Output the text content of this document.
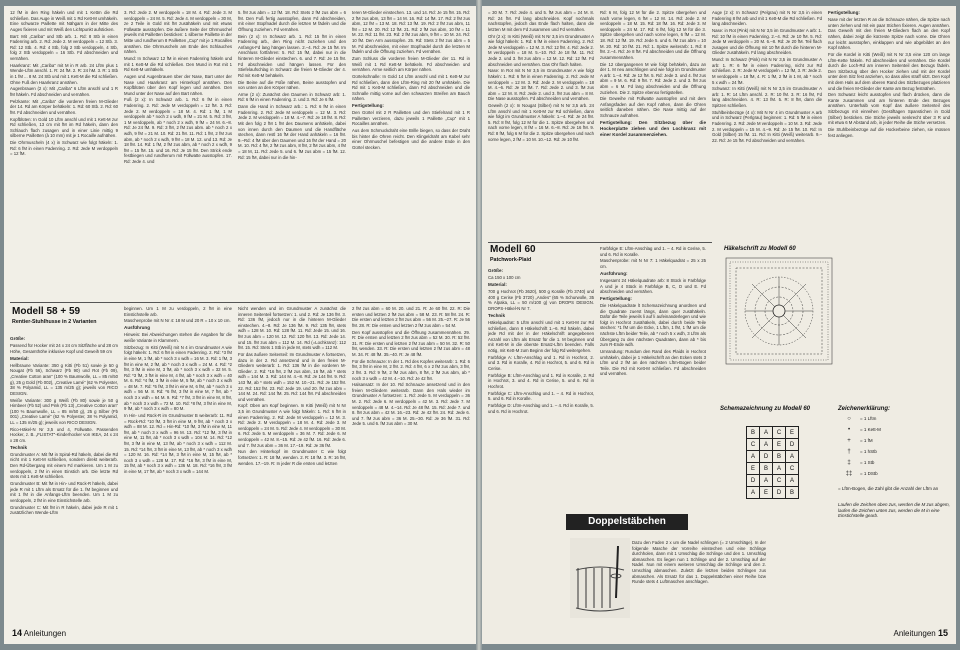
12 fM in den Ring häkeln und mit 1 Kettm die Rd schließen. Das Auge in Weiß mit 1 Rd Kett-M umhäkeln. Eine schwarze Paillette mit Nähgarn in der Mitte des Auges fixieren und mit Weiß den Lichtpunkt aufsticken.

Bart: Mit „Cariba“ und Stb arb. 1. Rd: 8 Stb in einen Fadenring arb. 2. Rd: Jede 2. M verdoppeln = 12 Stb. 3. Rd: 12 Stb. 4. Rd: 4 Stb, folg 2 Stb verdoppeln, 4 Stb, folg 2 Stb verdoppeln = 16 Stb. Fd abschneiden und vernähen.

Haarkranz: Mit „Cariba“ mit M in R arb. 24 Lftm plus 1 Wende-Lftm anschl. 1. R: 24 fM. 2. R: 24 hM. 3. R: 1 Stb in 1 fM ... 8 M. 24 Stb und mit 1 Kett-M die Rd schließen. Ohne Fuß den Haarkranz annähen.

Augenbrauen (2 x): Mit „Cariba“ 6 Lftm anschl und 1 R fM häkeln. Fd abschneiden und vernähen.

Pelzkante: Mit „Cariba“ die vorderen freien M-Glieder der 14. Rd am Körper behäkeln: 1. Rd: 60 Stb. 2. Rd: 60 fM. Fd abschneiden und vernähen.

Kopfblüten: In Gold 10 Lftm anschl und mit 1 Kett-M zur Rd schließen, 13 cm mit fM im Rd häkeln, dann den Schlauch flach zusagen und in einer Linie mittig 9 silberne Pailletten (à 10 mm) mit je 1 Rocaille aufnähen.

Die Ohrmuscheln (4 x) in Schwarz wie folgt häkeln: 1. Rd: 6 fM in einen Fadenring. 2. Rd: Jede M verdoppeln = 12 fM.

3. Rd: Jede 2. M verdoppeln = 18 M. 4. Rd: Jede 3. M verdoppeln = 24 M. 5. Rd: Jede 4. M verdoppeln = 30 M, ze 2 Teile in Gold mit fM zusähäkeln und mit etwas Füllwatte ausstopfen. Die äußere Seite der Ohrmuschel jeweils mit Pailletten besticken: 1 silberne Paillette in der Mitte und rundherum 8 Pailletten „Cup“ mit je 1 Rocailles annähen. Die Ohrmuscheln am Ende des Schlauches nähen.

Mund: In Schwarz 12 fM in einen Fadenring häkeln und mit 1 Kett-M die Rd schließen. Den Mund in Rot mit 1 Rd Kett-M umhäkeln.

Augen und Augenbrauen über der Nase, Bart unter der Nase und Haarkranz am Hinterkopf annähen. Den Kopfblüten über den Kopf legen und annähen. Den Mund unter der Nase auf den Bart nähen.

Fuß (2 x): In Schwarz arb. 1. Rd: 6 fM in einen Fadenring. 2. Rd: Jede M verdoppeln = 12 fM. 3. Rd: Jede 2. M verdoppeln = 18 M. 4. Rd: 1 fM, 1 M verdoppeln ab * noch 2 x wdh, 9 fM = 21 M. 5. Rd: 3 fM, 1 M verdoppeln, ab * noch 2 x wdh, 9 fM = 24 M. 6.–8. Rd: Je 24 fM. 9. Rd: 3 fM, 2 fM zus abm. ab * noch 2 x wdh, 9 fM = 21 M. 10. Rd: 21 fM. 11. Rd: 1 fM, 2 fM zus abm, ab * noch 2 x wdh, 9 fM = 18 M. 12. und 13. Rd: Je 18 fM. 14. Rd: 1 fM, 2 fM zus abm, ab * noch 2 x wdh, 9 fM = 15 fM. 15. und 16. Rd: Je 15 fM. Den Strick ende festbiegen und rundherum mit Füllwatte ausstopfen. 17. Rd: Jede 4. und

5. fM zus abm = 12 fM. 18. Rd: Stets 2 fM zus abm = 6 fM. Den Fuß fertig ausstopfen, dann Fd abschneiden, mit einer Stopfnadel durch die letzten M fädeln und die Öffnung zuziehen. Fd vernähen.

Bein (2 x): In Schwarz arb. 1. Rd: 15 fM in einen Fadenring arb., den Ring nicht zuziehen und den Anfangs-Fd lang hängen lassen. 2.–4. Rd: Je 15 fM. Im Anschluss fortfahren: 5. Rd: 15 fM, dabei nur in die hinteren M-Glieder einstechen. 6. und 7. Rd: Je 15 fM. Fd abschneiden und hängen lassen. Für den Stiefelaufschlag in Schwarz die freien M-Glieder der 4. Rd mit Kett-M behäkeln.

Die Beine auf die Füße nähen, Beine ausstopfen und von unten an den Körper nähen.

Arme (2 x): Zunächst den Daumen in Schwarz arb: 1. Rd: 6 fM in einen Fadenring. 2. und 3. Rd: Je 6 fM.

Dann die Hand in Schwarz arb.: 1. Rd: 6 fM in einen Fadenring. 2. Rd: Jede M verdoppeln = 12 M. 3. Rd: Jede 2. M verdoppeln = 18 M. 4.–7. Rd: Je 18 fM. 8. Rd: Mit den folg 2 fM 1 fM des Daumens anhäkeln, dabei von innen durch den Daumen und die Handfläche stechen, dann restl 16 fM der Hand anhäkeln = 16 fM. 9.–Rd: 4 fM über den Daumen und 16 fM der Hand = 20 M. 10. Rd: 4 fM, 2 fM zus abm, 8 fM, 2 fM zus abm, 4 fM = 18 M, 11. Rd: Jede 5. und 6. fM zus abm = 15 fM. 12. Rd: 15 fM, dabei nur in die hin-

teren M-Glieder einstechen. 13. und 14. Rd: Je 15 fM. 15. Rd: 2 fM zus abm, 13 fM = 14 M. 16. Rd: 14 fM. 17. Rd: 2 fM zus abm, 12 fM = 13 M. 18. Rd: 13 fM. 19. Rd: 2 fM zus abm, 11 fM = 12 M. 20. Rd: 12 fM. 21. Rd: 2 fM zus abm, 10 fM = 11 M. 22. Rd: 11 fM. 23. Rd: 2 fM zus abm, 9 fM = 10 M. 24. Rd: 10 fM. Den Arm ausstopfen. 25. Rd: Stets 2 fM zus abm = 5 M. Fd abschneiden, mit einer Stopfnadel durch die letzten M fädeln und die Öffnung zuziehen. Fd vernähen.

Zum Schluss die vorderen freien M-Glieder der 11. Rd in Weiß mit 1 Rd Kett-M behäkeln. Fd abschneiden und vernähen. Arme seitlich am Körper nähen.

Gürtelschnalle: In Gold 14 Lftm anschl und mit 1 Kett-M zur Rd schließen, dann den Lftm-Ring mit 20 fM umhäkeln. Die Rd mit 1 Kett-M schließen, dann Fd abschneiden und die Schnalle mittig vorne auf den schwarzen Streifen am Bauch nähen.

Fertigstellung:

Den Gürtel mit 2 R Pailletten und den Stiefelrand mit 1 R Pailletten verzieren, dazu jeweils 1 Paillette „Cup“ mit 1 Rocailles annähen.

Aus dem Schmuckdraht eine Brille biegen, so dass der Draht bis hinter die Ohren reicht. Den Klingeldraht am Kabel sehr einer Ohrmuschel befestigen und die andere Ende in den Gürtel stecken.

Modell 58 + 59
Rentier-Stuhlhusse in 2 Varianten

Größe:

Passend für Hocker mit 24 x 24 cm Sitzfläche und 28 cm Höhe, Gesamthöhe inklusive Kopf und Geweih 59 cm

Material:

Hellbraune Variante: 350 g Kitti (Fb 51) sowie je 50 g Nougat (Fb 56), Schwarz (Fb 90) und Rot (Fb 09), „Creative Cotton aran“ (100 % Baumwolle, LL = 85 m/50 g), 25 g Gold (Fb 002), „Creative Lamé“ (62 % Polyester, 38 % Polyamid, LL = 135 m/25 g); jeweils von RICO DESIGN.

Weiße Variante: 300 g Weiß (Fb 80) sowie je 50 g Himbeer (Fb 52) und Pink (Fb 13) „Creative Cotton aran“ (100 % Baumwolle, LL = 85 m/50 g), 25 g Silber (Fb 001) „Creative Lamé“ (62 % Polyester, 38 % Polyamid, LL = 135 m/25 g); jeweils von RICO DESIGN.

Rico-Häkel-N Nr 3,5 und 4, Füllwatte. Passenden Hocker, z. B. „FLISTAT“-Kinderhocker von IKEA, 24 x 24 x 28 cm.

Technik

Grundmuster A: Mit fM in Spiral-Rd häkeln, dabei die Rd nicht mit 1 Kett-M schließen, sondern direkt weiterarb. Den Rd-Übergang mit einem Fd markieren. Um 1 M zu verdoppeln, 2 fM in einen Einstich arb. Die letzte Rd stets mit 1 Kett-M schließen.

Grundmuster B: Mit fM in Hin- und Rück-R häkeln, dabei jede R mit 1 Lftm als Ersatz für die 1. fM beginnen und mit 1 fM in die Anfangs-Lftm beenden. Um 1 M zu verdoppeln, 2 fM in eine Einstichstelle arb.

Grundmuster C: Mit fM in R häkeln, dabei jede R mit 1 zusätzlichen Wende-Lftm

beginnen. Um 1 M zu verdoppeln, 2 fM in eine Einstichstelle arb.

Maschenprobe mit N Nr 4: 18 M und 20 R = 10 x 10 cm.

Ausführung

Hinweis: Bei Abweichungen stehen die Angaben für die weiße Variante in Klammern.

Sitzbezug: In Kitti (Weiß) mit N 4 im Grundmuster A wie folgt häkeln: 1. Rd: 6 fM in einen Fadenring. 2. Rd: *3 fM in eine M, 1 fM, ab * noch 3 x wdh = 16 M. 3. Rd: 1 fM, 3 fM in eine M, 2 fM, ab * noch 3 x wdh = 24 M. 4. Rd: *2 fM, 3 fM in eine M, 3 fM, ab * noch 3 x wdh = 32 M. 5. Rd: *3 fM, 3 fM in eine M, 4 fM, ab * noch 3 x wdh = 40 M. 6. Rd: *4 fM, 3 fM in eine M, 5 fM, ab * noch 3 x wdh = 48 M. 7. Rd: *5 fM, 3 fM in eine M, 6 fM, ab * noch 3 x wdh = 56 M. 8. Rd: *6 fM, 3 fM in eine M, 7 fM, ab * noch 3 x wdh = 64 M. 9. Rd: *7 fM, 3 fM in eine M, 8 fM, ab * noch 3 x wdh = 72 M. 10. Rd: *8 fM, 3 fM in eine M, 9 fM, ab * noch 3 x wdh = 80 M.

In Hin- und Rück-R im Grundmuster B weiterarb: 11. Rd = Rück-Rd: *10 fM, 3 fM in eine M, 9 fM, ab * noch 3 x wdh = 88 M. 12. Rd = Hin-Rd: *10 fM, 3 fM in eine M, 11 fM, ab * noch 3 x wdh = 96 M. 13. Rd: *12 fM, 3 fM in eine M, 11 fM, ab * noch 3 x wdh = 104 M. 14. Rd: *12 fM, 3 fM in eine M, 13 fM, ab * noch 3 x wdh = 112 M. 15. Rd: *14 fM, 3 fM in eine M, 13 fM, ab * noch 3 x wdh = 120 M. 16. Rd: *14 fM, 3 fM in eine M, 15 fM, ab * noch 3 x wdh = 128 M. 17. Rd: *16 fM, 3 fM in eine M, 15 fM, ab * noch 3 x wdh = 136 M. 18. Rd: *16 fM, 3 fM in eine M, 17 fM, ab * noch 3 x wdh = 144 M.

Nicht wenden und im Grundmuster A zunächst die inneren Seitenteil fortsetzen: 1. und 2. Rd: Je 136 fM. 3. Rd: 136 fM, jedoch nur in die hinteren M-Glieder einstechen. 4.–8. Rd: Je 136 fM. 9. Rd: 135 fM, stets wdh = 128 M. 10. Rd: 128 fM. 11. Rd: Jede 15. und 16. fM zus abm = 120 M. 12. Rd: 120 fM. 13. Rd: Jede 14. und 15. fM zus abm = 112 M. 14. Rd (=Lochkranz): 112 fM. 15. Rd: Stets 1 Stb in jede M, stets wdh = 112 M.

Für das äußere Seitenteil: Im Grundmuster A fortsetzen, dazu in der 2. Rd ansetzend und in den freien M-Gliedern weiterarb: 1. Rd: 136 fM in die vorderen M-Glieder. 2. Rd: *16 fM, 2 fM zus abm, 16 fM, ab * stets wdh = 144 M. 3. Rd: 144 M. 4.–8. Rd: Je 144 fM. 9. Rd: 143 fM, ab * stets wdh = 152 M. 10.–21. Rd: Je 152 fM. 22. Rd: 152 fM. 23. Rd: Jede 19. und 20. fM zus abm = 144 M. 24. Rd: 144 fM. 25. Rd: 144 fM. Fd abschneiden und vernähen.

Kopf: Oben am Kopf beginnen. In Kitti (Weiß) mit N Nr 3,5 im Grundmuster A wie folgt häkeln: 1. Rd: 6 fM in einen Fadenring. 2. Rd: Jede M verdoppeln = 12 M. 3. Rd: Jede 2. M verdoppeln = 18 M. 4. Rd: Jede 3. M verdoppeln = 24 M. 5. Rd: Jede 4. M verdoppeln = 30 M. 6. Rd: Jede 5. M verdoppeln = 36 M. 7. Rd: Jede 6. M verdoppeln = 42 M. 8.–15. Rd: Je 42 fM. 16. Rd: Jede 6. und 7. fM zus abm = 36 M. 17.–19. Rd: Je 36 fM.

Nun den Hinterkopf im Grundmuster C wie folgt fortsetzen: 1. R: 18 fM, wenden. 2. R: 18 fM. 3. R: 16 fM, wenden. 17.–19. R: In jeder R die ersten und letzten

2 fM zus abm = 60 M. 20. und 21. R: Je 60 fM. 22. R: Die ersten und letzten 2 fM zus abm = 58 M. 23. R: 58 fM. 24. R: Die ersten und letzten 2 fM zus abm = 56 M. 25.–27. R: Je 56 fM. 28. R: Die ersten und letzten 2 fM zus abm = 54 M.

Den Kopf ausstopfen und die Öffnung zusammennähen. 29. R: Die ersten und letzten 2 fM zus abm = 52 M. 30. R: 52 fM. 31. R: Die ersten und letzten 2 fM zus abm = 50 M. 32. R: 50 fM, wenden. 33. R: Die ersten und letzten 2 fM zus abm = 48 M. 34. R: 48 fM. 35.–40. R: Je 48 fM.

Für die Schnauze: In der 1. Rd des Kopfes weiterarb: 1. Rd: 6 fM, 3 fM in eine M, 2 fM. 2. Rd: 4 fM, 6 x 2 fM zus abm, 3 fM, 2 fM. 3. Rd: 9 fM, 2 fM zus abm, 8 fM, 2 fM zus abm, ab * noch 3 x wdh = 42 M. 4.–10. Rd: Je 42 fM.

Halsansatz: In der 10. Rd Schnauze ansetzend und in den freien M-Gliedern weiterarb. Dann den Hals wieder im Grundmuster A fortsetzen: 1. Rd: Jede 5. M verdoppeln = 36 M. 2. Rd: Jede 6. M verdoppeln = 42 M. 3. Rd: Jede 7. M verdoppeln = 48 M. 4.–14. Rd: Je 48 fM. 15. Rd: Jede 7. und 8. fM zus abm = 42 M. 16.–23. Rd: Je 42 fM. 24. Rd: Jede 6. und 7. fM zus abm = 36 M. 25.–30. Rd: Je 36 fM. 31. Rd: Jede 5. und 6. fM zus abm = 30 M.

14 Anleitungen

= 30 M. 7. Rd: Jede 4. und 5. fM zus abm = 24 M. 8. Rd: 24 fM. Fd lang abschneiden. Kopf nochmals nachstopfen, jedoch das Ende flach halten, dann die letzten M mit dem Fd zusammen und Fd vernähen.

Ohr (2 x): In Kitti (Weiß) mit N Nr 3,5 im Grundmuster A wie folgt häkeln: 1. Rd: 6 fM in einen Fadenring. 2. Rd: Jede M verdoppeln = 12 M. 3. Rd: 12 fM. 4. Rd: Jede 2. M verdoppeln = 18 M. 5.–10. Rd: Je 18 fM. 11. Rd: Jede 2. und 3. fM zus abm = 12 M. 12. Rd: 12 fM. Fd abschneiden und vernähen. Das Ohr flach halten.

Nase: In Rot mit N Nr 3,5 im Grundmuster A wie folgt häkeln: 1. Rd: 6 fM in einen Fadenring. 2. Rd: Jede M verdoppeln = 12 M. 3. Rd: Jede 2. M verdoppeln = 18 M. 4.–6. Rd: Je 18 fM. 7. Rd: Jede 2. und 3. fM zus abm = 12 M. 8. Rd: Jede 2. und 3. fM zus abm = 8 M. Die Nase ausstopfen. Fd abschneiden und vernähen.

Geweih (2 x): In Nougat (Silber) mit N Nr 3,5 arb. 24 Lftm anschl und mit 1 Kett-M zur Rd schließen, dann wie folgt im Grundmuster A häkeln: 1.–4. Rd: Je 24 fM. 5. Rd: 8 fM, folg 12 M für die 1. Spitze übergehen und nach vorne legen, 8 fM = 16 M. 6.–8. Rd: Je 16 fM. 9. Rd: 8 fM, folg 6 M für die 2. Spitze übergehen und nach vorne legen, 2 fM = 10 M. 10.–12. Rd: Je 10 fM.

Rd: 6 M, folg 12 M für die 2. Spitze übergehen und nach vorne legen, 6 fM = 12 M. 14. Rd: Jede 2. M verdoppeln = 18 M. 15. Rd: 18 fM. 16. Rd: Jede 3. M verdoppeln = 24 M. 17. Rd: 6 fM, folg 12 M für die 3. Spitze übergehen und nach vorne legen, 6 fM = 12 M. 18. Rd: 12 fM. 19. Rd: Jede 5. und 6. fM zus abm = 10 M. 20. Rd: 10 fM. 21. Rd: 1. Spitze weiterarb: 1. Rd: 8 fM. 2.–4. Rd: Je 8 fM. Fd abschneiden und die Öffnung zusammennähen.

Die 12 übergangenen M wie folgt behäkeln, dazu an der 1. M neu anschlingen und wie folgt im Grundmuster A arb: 1.–4. Rd: Je 12 fM. 5. Rd: Jede 3. und 4. fM zus abm = 9 M. 6. Rd: 9 fM. 7. Rd: Jede 2. und 3. fM zus abm = 6 M. Fd lang abschneiden und die Öffnung zuziehen. Die 2. Spitze ebenso fertigstellen.

Die Geweihe mit Füllwatte ausstopfen und mit dem Anfangsfaden auf den Kopf nähen, dann die Ohren seitlich daneben nähen. Die Nase mittig auf der Schnauze aufnähen.

Fertigstellung: Den Sitzbezug über die Hockerplatte ziehen und den Lochkranz mit einer Kordel zusammenziehen.

Auge (2 x): In Schwarz (Pelgrau) mit N Nr 3,5 in einen Fadenring 8 fM arb und mit 1 Kett-M die Rd schließen. Fd lang abschneiden.

Nase: in Rot (Pink) mit N Nr 3,5 im Grundmuster A arb: 1. Rd: 10 fM in einen Fadenring. 2.–4. Rd: Je 10 fM. 5. Rd: Jede M verdoppeln = 20 M. 6.–8. Rd: Je 20 fM. Teil flach zusagen und die Öffnung mit 10 fM durch die hinteren M-Glieder zusähäkeln. Fd lang abschneiden.

Mund: In Schwarz (Pink) mit N Nr 3,5 im Grundmuster A arb: 1. R: 6 fM in einen Fadenring, nicht zur Rd schließen. 2. R: Jede M verdoppeln = 12 fM, 3. R: Jede 2. M verdoppeln = 18 fM, 4. R: 1 fM, 2 fM in 1 M, ab * noch 5 x wdh = 24 fM.

Schwanz: In Kitti (Weiß) mit N Nr 3,5 im Grundmuster A arb: 1. R: 14 Lftm anschl. 2. R: 10 fM. 3. R: 16 fM, Fd lang abschneiden. 4. R: 13 fM. 5. R: 8 fM, dann die Spitzen schließen.

Stuhlbeinbezüge (4 x): Mit N Nr 4 im Grundmuster A arb und in Schwarz (Perlgrau) beginnen: 1. Rd: 5 fM in einen Fadenring. 2. Rd: Jede M verdoppeln = 10 M. 3. Rd: Jede 2. M verdoppeln = 15 M. 4.–9. Rd: Je 15 fM. 10. Rd: In Gold (Silber) 15 fM. 11. Rd: In Kitti (Weiß) weiterarb. 9.–22. Rd: Je 15 fM. Fd abschneiden und vernähen.

Fertigstellung:

Nase mit der letzten R an die Schnauze nähen, die Spitze nach unten ziehen und mit ein paar Stichen fixieren. Augen annähen. Das Geweih mit den freien M-Gliedern flach an den Kopf nähen, dabei zeigt die kürzeste Spitze nach vorne. Die Ohren nur leicht ausstopfen, einklappen und wie abgebildet an den Kopf nähen.

Für die Kordel in Kitti (Weiß) mit N Nr 3,5 eine 120 cm lange Lftm-Kette häkeln. Fd abschneiden und vernähen. Die Kordel durch die Loch-Rd am inneren Seitenteil des Bezugs fädeln. Den Sitzbezug über den Hocker ziehen und mit der Kordel unter dem Sitz fest anziehen, so dass alles straff sitzt. Den Kopf mit dem Hals auf dem oberen Rand des Sitzbezuges platzieren und die freien M-Glieder der Kante am Bezug festnähen.

Den Schwanz leicht ausstopfen und flach drücken, dann die Kante zusammen und am hinteren Ende des Bezuges annähen. Unterhalb vom Kopf das äußere Seitenteil des Sitzbezugs mit einreihen (Gestiftagen Spanstichen in Gold (Silber) besticken. Die Stiche jeweils senkrecht über 3 R und mit etwa 6 M Abstand arb, in jeder Reihe die Stiche versetzen.

Die Stuhlbeinbezüge auf die Hockerbeine ziehen, sie müssen fest anliegen.

Modell 60
Patchwork-Plaid

Größe:

Ca 150 x 100 cm

Material:

700 g Hochrot (Fb 3620), 500 g Koralle (Fb 3740) und 400 g Cerise (Fb 3720) „Andes“ (65 % Schurwolle, 35 % Alpaka, LL = 50 m/100 g) von DROPS DESIGN. DROPS-Häkel-N Nr 7.

Technik

Häkelquadrat: 5 Lftm anschl und mit 1 Kett-M zur Rd schließen, dann 8 Häkelschrift 1.–6. Rd häkeln, dabei jede Rd mit der in der Häkelschrift angegebenen Anzahl von Lftm als Ersatz für die 1. M beginnen und mit Kett-M in die oberste Ersatz-Lftm beenden. Falls nötig, mit Kett-M zum Beginn der folg Rd weitergehen.

Farbfolge A: Lftm-Anschlag und 1. Rd in Hochrot, 2. und 3. Rd in Koralle, 4. Rd in Hochrot, 5. und 6. Rd in Cerise.

Farbfolge B: Lftm-Anschlag und 1. Rd in Koralle, 2. Rd in Hochrot, 3. und 4. Rd in Cerise, 5. und 6. Rd in Hochrot.

Farbfolge C: Lftm-Anschlag und 1. – 4. Rd in Hochrot, 5. und 6. Rd in Koralle.

Farbfolge D: Lftm-Anschlag und 1. – 4. Rd in Koralle, 5. und 6. Rd in Hochrot.

Farbfolge E: Lftm-Anschlag und 1. – 4. Rd in Cerise, 5. und 6. Rd in Koralle.

Maschenprobe: mit N Nr 7: 1 Häkelquadrat = 25 x 25 cm.

Ausführung:

Insgesamt 24 Häkelquadrate arb: 8 Stück in Farbfolge A und je 4 Stück in Farbfolge B, C, D und E. Fd abschneiden und vernähen.

Fertigstellung:

Die Häkelquadrate lt Schemazeichnung anordnen und die Quadrate zuerst längs, dann quer zusähäkeln. Dafür die Teile jeweils li auf li aufeinanderlegen und wie folgt in Hochrot zusähäkeln, dabei durch beide Teile stechen: *1 fM um die Ecke, 1 Lftm, 1 fM, 1 fM um die nächste Lftm beider Teile, ab * noch 5 x wdh, 3 Lftm als Übergang zu den nächsten Quadraten, dann ab * bis zum R-Ende wdh.

Umrandung: Rundum den Rand des Plaids in Hochrot umhäkeln, dabei je 1 Häkelschrift an den Ecken stets 3 Lftm und 2 fM an den nächsten Lftm-Bogen beider Teile. Die Rd mit Kett-M schließen. Fd abschneiden und vernähen.

Häkelschrift zu Modell 60
Zeichenerklärung:
○ = 1 Lftm
• = 1 Kett-M
+ = 1 fM
† = 1 hStb
‡ = 1 Stb
‡‡ = 1 DStb
= Lftm-Bogen, die Zahl gibt die Anzahl der Lftm an
Laufen die Zeichen oben zus, werden die M zus abgem, laufen die Zeichen unten zus, werden die M in eine Einstichstelle gearb.
Schemazeichnung zu Modell 60
B	A	C	E
C	A	E	D
A	D	B	A
E	B	A	C
D	A	C	A
A	E	D	B

Dazu den Faden 2 x um die Nadel schlingen (= 2 Umschläge). In der folgende Masche der Vorreihe einstechen und eine Schlinge durchholen, dann mit 1 Umschlag die Schlinge und den 1. Umschlag abmaschen. Es liegen nun 1 Schlinge und der 2. Umschlag auf der Nadel. Nun mit einem weiteren Umschlag die Schlinge und den 2. Umschlag abmaschen. Zuletzt die letzten beiden Schlingen zus abmaschen. Als Ersatz für das 1. Doppelstäbchen einer Reihe bzw Runde stets 4 Luftmaschen anschlagen.

Anleitungen 15
Doppelstäbchen
